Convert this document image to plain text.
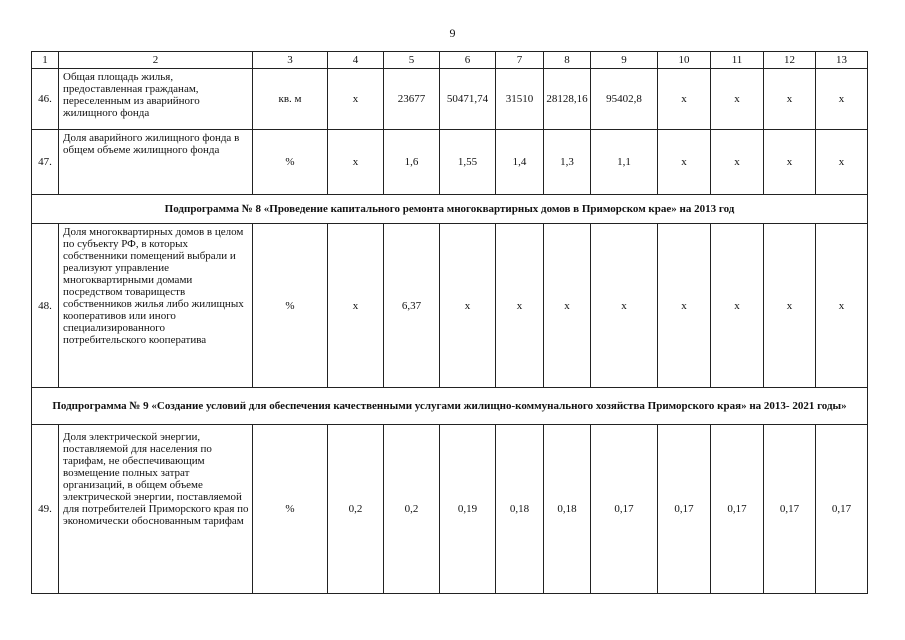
9
1	2	3	4	5	6	7	8	9	10	11	12	13
46.	Общая площадь жилья, предоставленная гражданам, переселенным из аварийного жилищного фонда	кв. м	x	23677	50471,74	31510	28128,16	95402,8	x	x	x	x
47.	Доля аварийного жилищного фонда в общем объеме жилищного фонда	%	x	1,6	1,55	1,4	1,3	1,1	x	x	x	x
Подпрограмма № 8 «Проведение капитального ремонта многоквартирных домов в Приморском крае» на 2013 год												
48.	Доля многоквартирных домов в целом по субъекту РФ, в которых собственники помещений выбрали и реализуют управление многоквартирными домами посредством товариществ собственников жилья либо жилищных кооперативов или иного специализированного потребительского кооператива	%	x	6,37	x	x	x	x	x	x	x	x
Подпрограмма № 9 «Создание условий для обеспечения качественными услугами жилищно-коммунального хозяйства Приморского края» на 2013- 2021 годы»												
49.	Доля электрической энергии, поставляемой для населения по тарифам, не обеспечивающим возмещение полных затрат организаций, в общем объеме электрической энергии, поставляемой для потребителей Приморского края по экономически обоснованным тарифам	%	0,2	0,2	0,19	0,18	0,18	0,17	0,17	0,17	0,17	0,17
